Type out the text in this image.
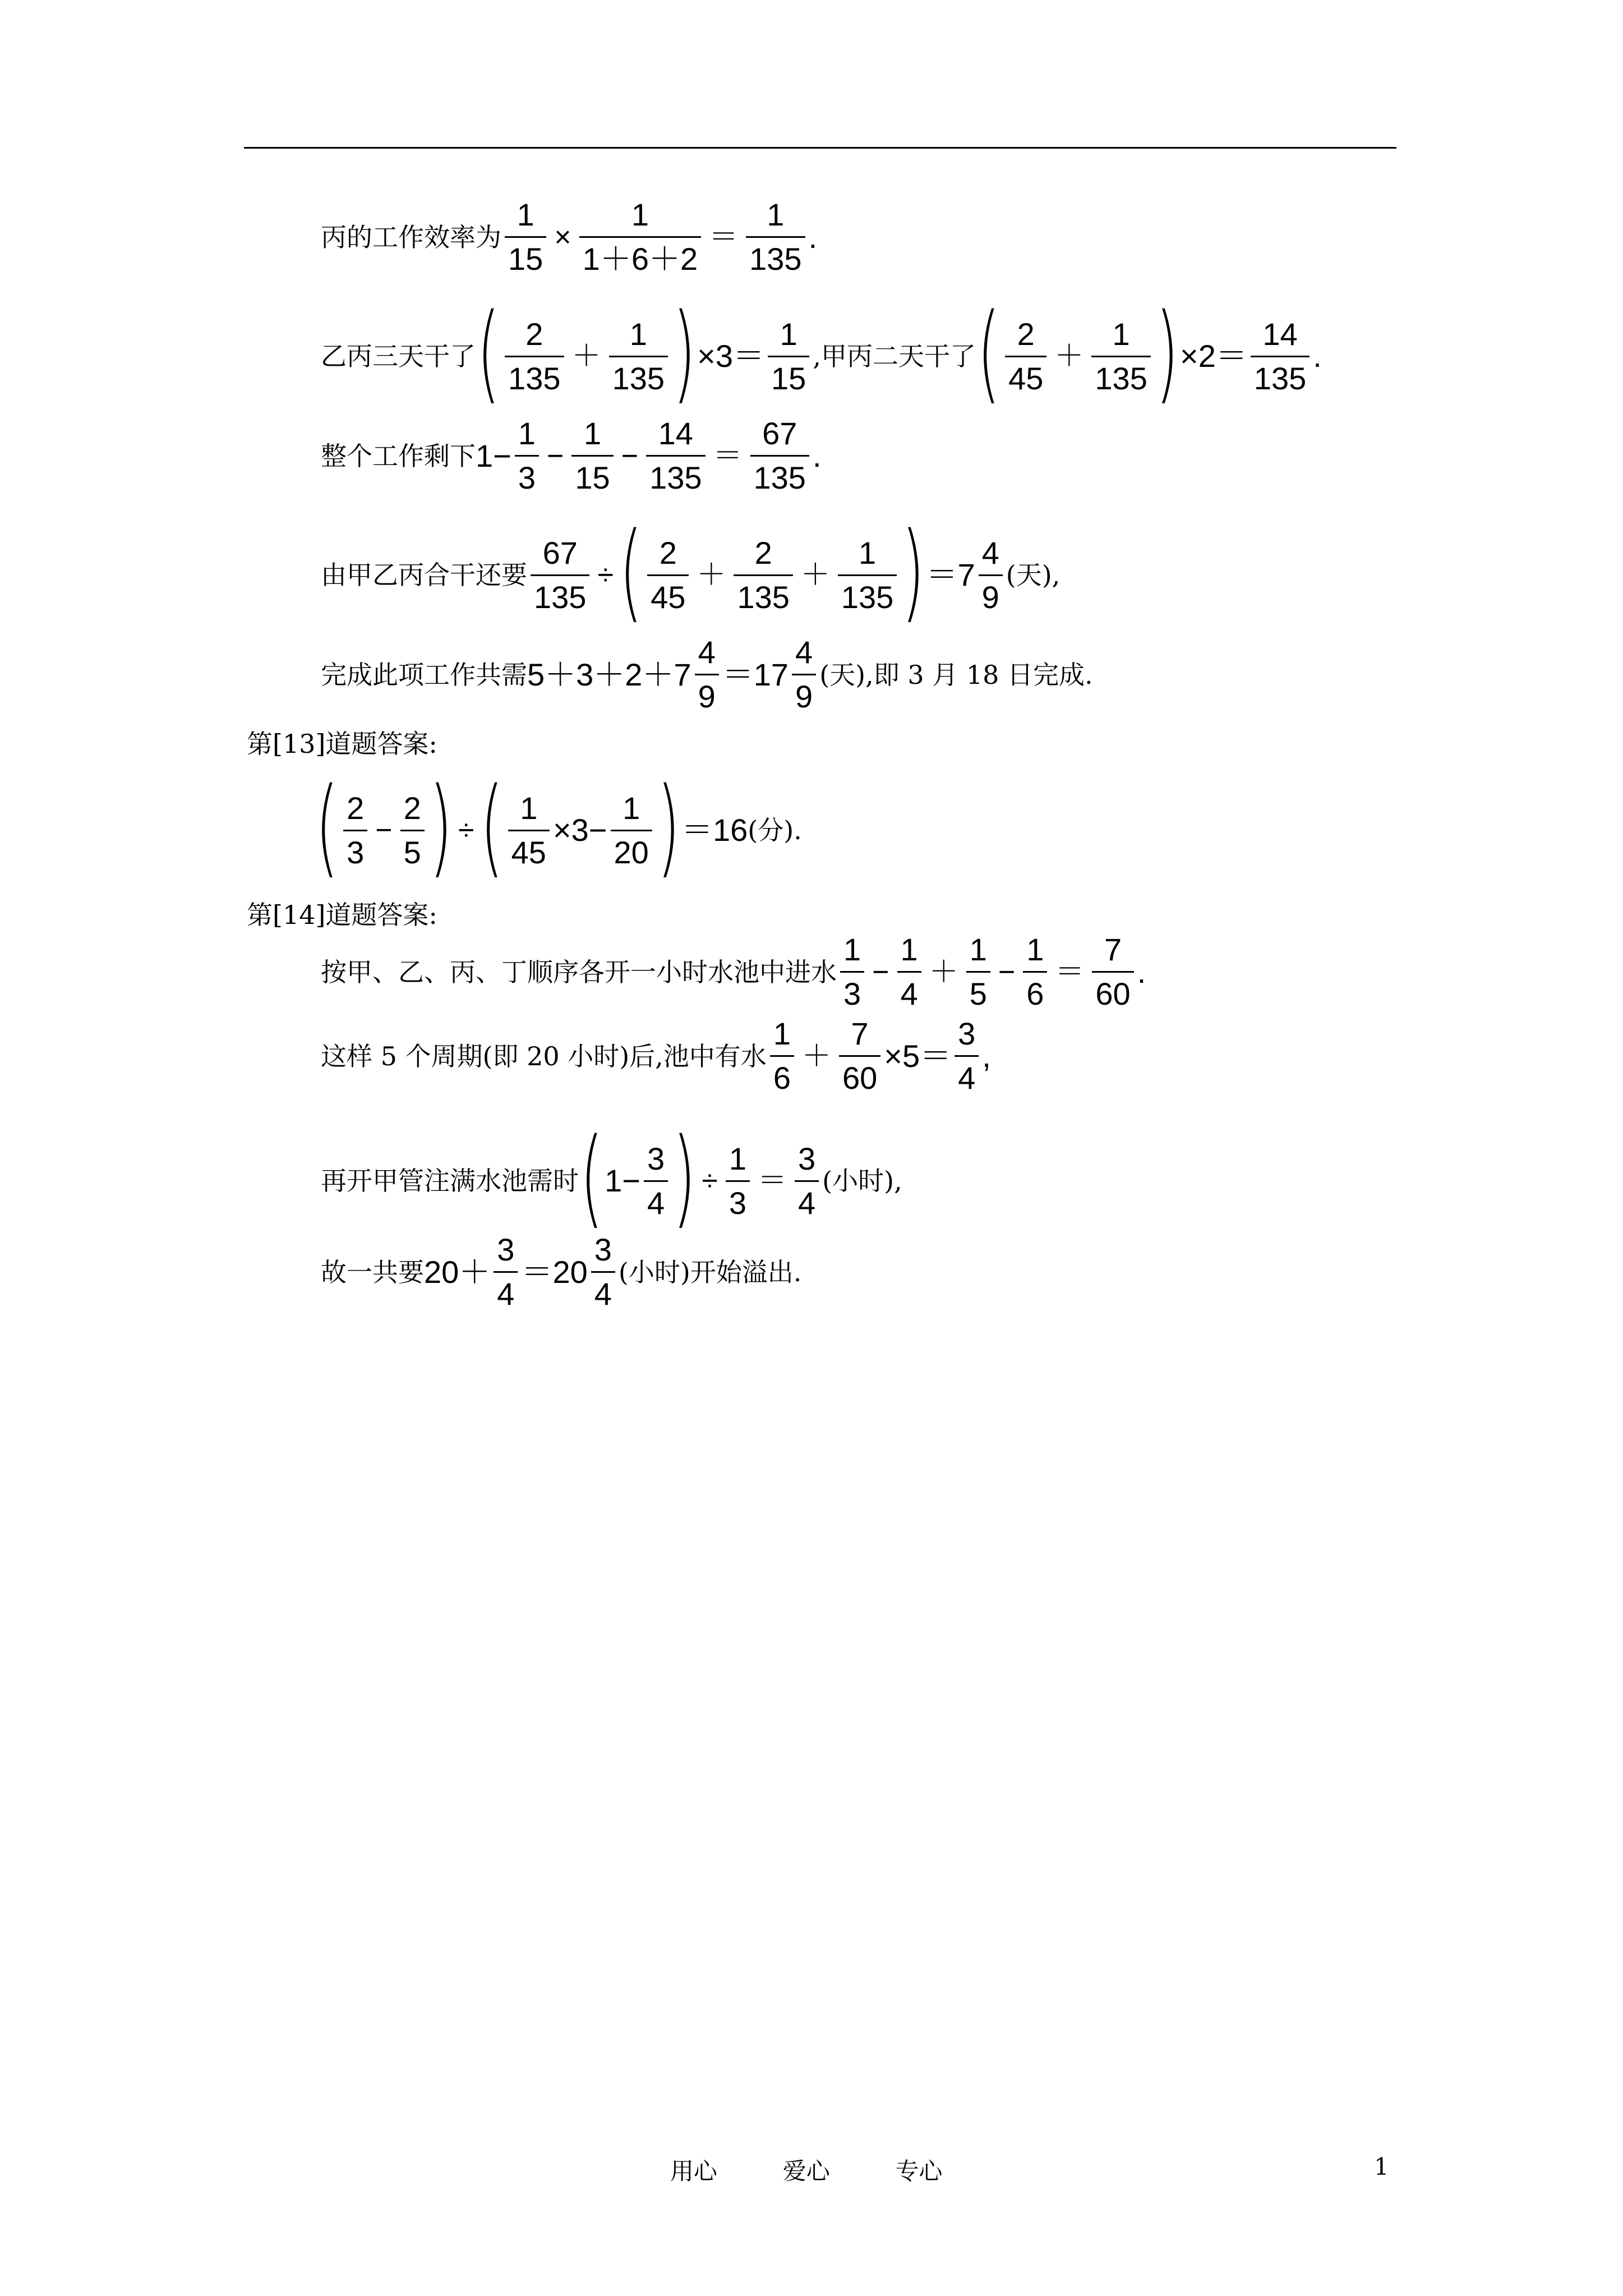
丙的工作效率为 $\frac{1}{15} \times \frac{1}{1+6+2} = \frac{1}{135}$ .
乙丙三天干了 ( $\frac{2}{135} + \frac{1}{135}$ ) $\times 3= \frac{1}{15}$ ,甲丙二天干了 ( $\frac{2}{45} + \frac{1}{135}$ ) $\times 2= \frac{14}{135}$ .
整个工作剩下 $1- \frac{1}{3} - \frac{1}{15} - \frac{14}{135} = \frac{67}{135}$ .
由甲乙丙合干还要 $\frac{67}{135}$ ÷ ( $\frac{2}{45} + \frac{2}{135} + \frac{1}{135}$ ) $=7 \frac{4}{9}$ (天),
完成此项工作共需 $5+3+2+7 \frac{4}{9} =17 \frac{4}{9}$ (天),即 3 月 18 日完成.
第[13]道题答案:
( $\frac{2}{3} - \frac{2}{5}$ ) ÷ ( $\frac{1}{45} \times 3- \frac{1}{20}$ ) ＝16 (分).
第[14]道题答案:
按甲、乙、丙、丁顺序各开一小时水池中进水 $\frac{1}{3} - \frac{1}{4} + \frac{1}{5} - \frac{1}{6} = \frac{7}{60}$ .
这样 5 个周期(即 20 小时)后,池中有水 $\frac{1}{6} + \frac{7}{60} \times 5= \frac{3}{4}$ ,
再开甲管注满水池需时 ( $1- \frac{3}{4}$ ) ÷ $\frac{1}{3} = \frac{3}{4}$ (小时),
故一共要 $20+ \frac{3}{4} =20 \frac{3}{4}$ (小时)开始溢出.
用心	爱心	专心	1
